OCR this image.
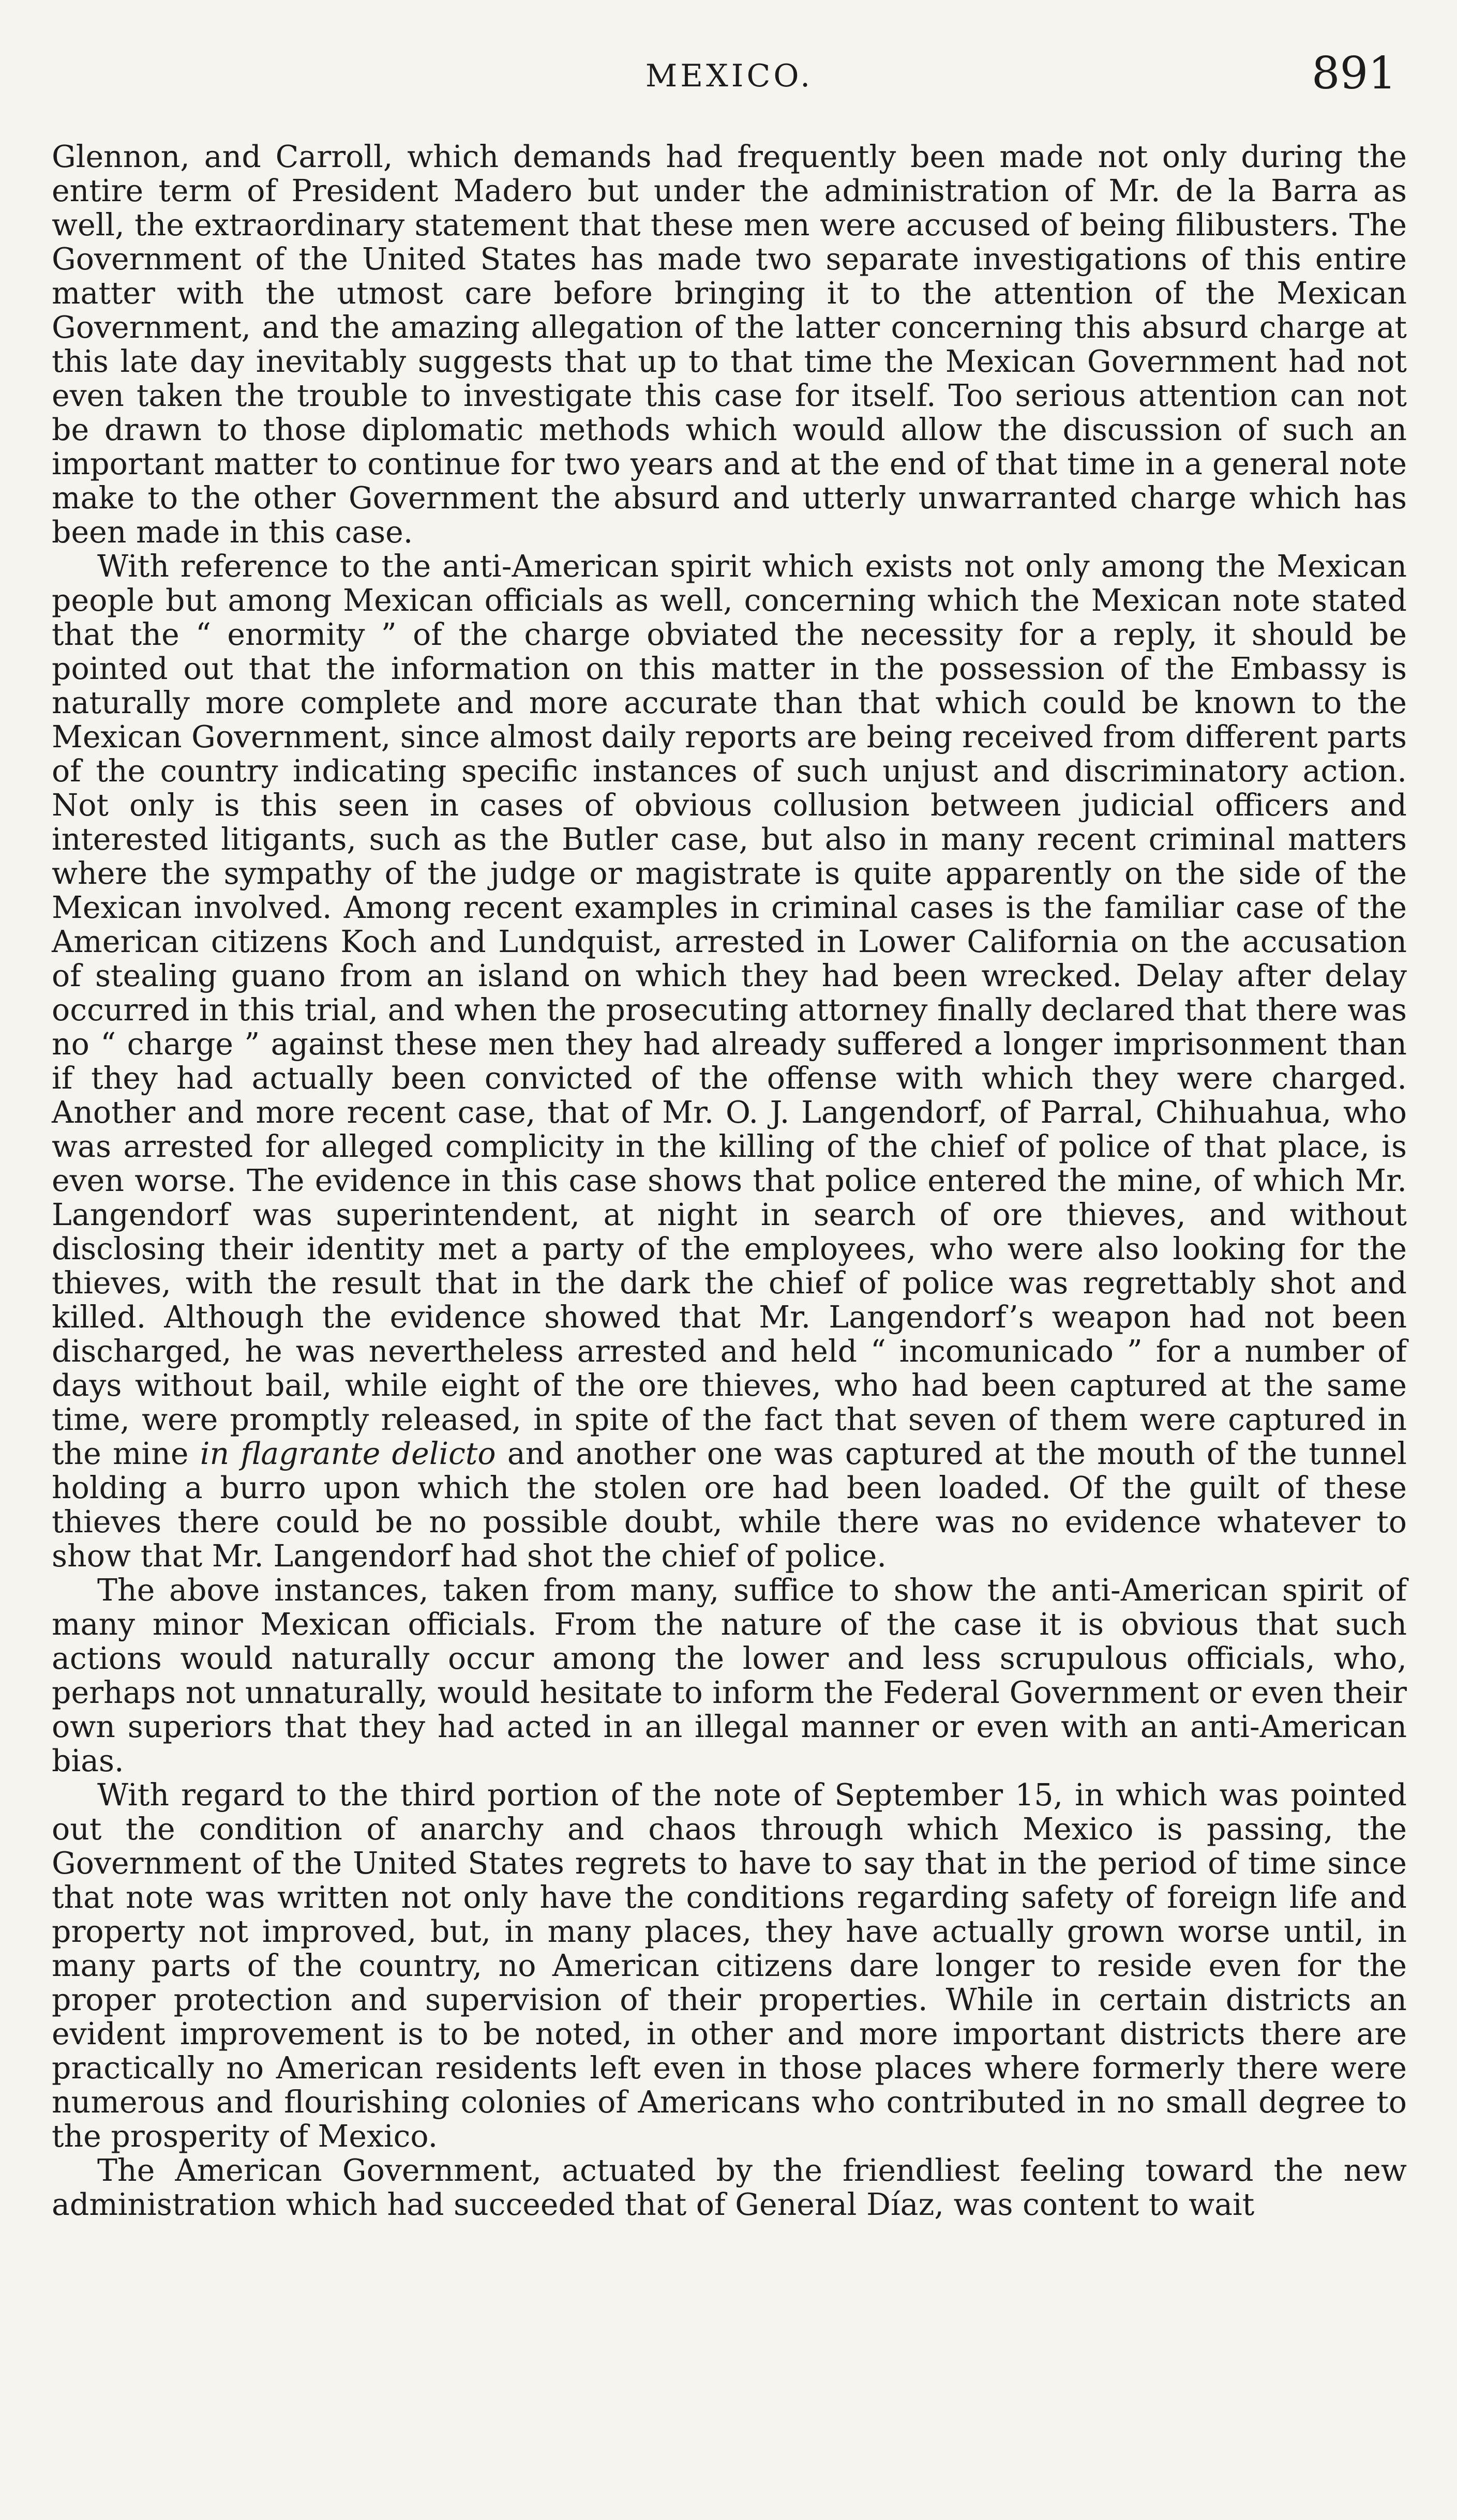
MEXICO.	891

Glennon, and Carroll, which demands had frequently been made not only during the entire term of President Madero but under the administration of Mr. de la Barra as well, the extraordinary statement that these men were accused of being filibusters. The Government of the United States has made two separate investigations of this entire matter with the utmost care before bringing it to the attention of the Mexican Government, and the amazing allegation of the latter concerning this absurd charge at this late day inevitably suggests that up to that time the Mexican Government had not even taken the trouble to investigate this case for itself. Too serious attention can not be drawn to those diplomatic methods which would allow the discussion of such an important matter to continue for two years and at the end of that time in a general note make to the other Government the absurd and utterly unwarranted charge which has been made in this case.

With reference to the anti-American spirit which exists not only among the Mexican people but among Mexican officials as well, concerning which the Mexican note stated that the “ enormity ” of the charge obviated the necessity for a reply, it should be pointed out that the information on this matter in the possession of the Embassy is naturally more complete and more accurate than that which could be known to the Mexican Government, since almost daily reports are being received from different parts of the country indicating specific instances of such unjust and discriminatory action. Not only is this seen in cases of obvious collusion between judicial officers and interested litigants, such as the Butler case, but also in many recent criminal matters where the sympathy of the judge or magistrate is quite apparently on the side of the Mexican involved. Among recent examples in criminal cases is the familiar case of the American citizens Koch and Lundquist, arrested in Lower California on the accusation of stealing guano from an island on which they had been wrecked. Delay after delay occurred in this trial, and when the prosecuting attorney finally declared that there was no “ charge ” against these men they had already suffered a longer imprisonment than if they had actually been convicted of the offense with which they were charged. Another and more recent case, that of Mr. O. J. Langendorf, of Parral, Chihuahua, who was arrested for alleged complicity in the killing of the chief of police of that place, is even worse. The evidence in this case shows that police entered the mine, of which Mr. Langendorf was superintendent, at night in search of ore thieves, and without disclosing their identity met a party of the employees, who were also looking for the thieves, with the result that in the dark the chief of police was regrettably shot and killed. Although the evidence showed that Mr. Langendorf’s weapon had not been discharged, he was nevertheless arrested and held “ incomunicado ” for a number of days without bail, while eight of the ore thieves, who had been captured at the same time, were promptly released, in spite of the fact that seven of them were captured in the mine in flagrante delicto and another one was captured at the mouth of the tunnel holding a burro upon which the stolen ore had been loaded. Of the guilt of these thieves there could be no possible doubt, while there was no evidence whatever to show that Mr. Langendorf had shot the chief of police.

The above instances, taken from many, suffice to show the anti-American spirit of many minor Mexican officials. From the nature of the case it is obvious that such actions would naturally occur among the lower and less scrupulous officials, who, perhaps not unnaturally, would hesitate to inform the Federal Government or even their own superiors that they had acted in an illegal manner or even with an anti-American bias.

With regard to the third portion of the note of September 15, in which was pointed out the condition of anarchy and chaos through which Mexico is passing, the Government of the United States regrets to have to say that in the period of time since that note was written not only have the conditions regarding safety of foreign life and property not improved, but, in many places, they have actually grown worse until, in many parts of the country, no American citizens dare longer to reside even for the proper protection and supervision of their properties. While in certain districts an evident improvement is to be noted, in other and more important districts there are practically no American residents left even in those places where formerly there were numerous and flourishing colonies of Americans who contributed in no small degree to the prosperity of Mexico.

The American Government, actuated by the friendliest feeling toward the new administration which had succeeded that of General Díaz, was content to wait
